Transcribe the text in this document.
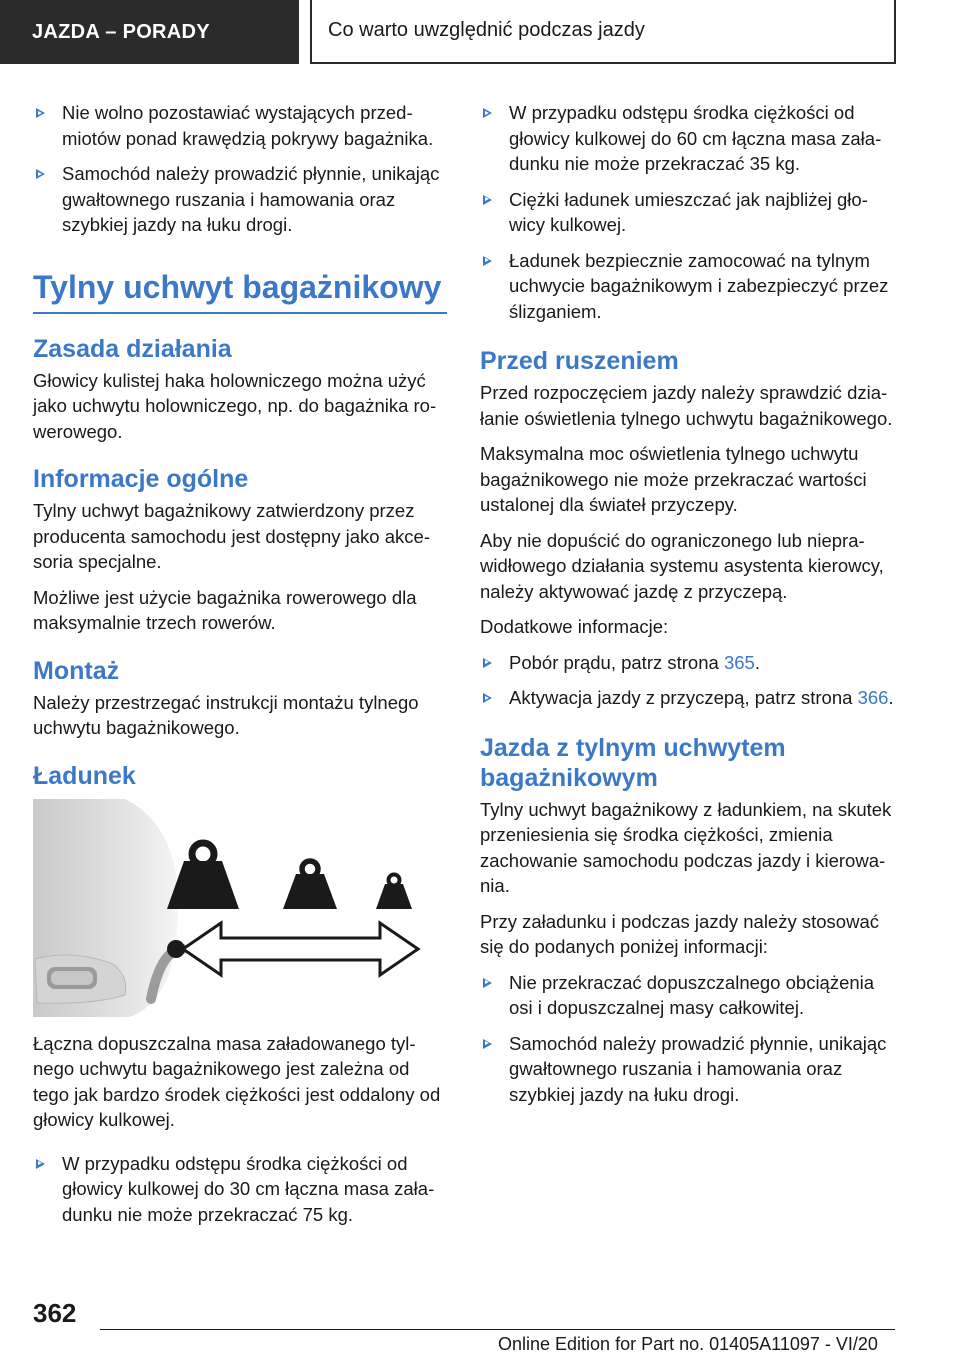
JAZDA – PORADY	Co warto uwzględnić podczas jazdy
Nie wolno pozostawiać wystających przedmiotów ponad krawędzią pokrywy bagażnika.
Samochód należy prowadzić płynnie, unikając gwałtownego ruszania i hamowania oraz szybkiej jazdy na łuku drogi.
Tylny uchwyt bagażnikowy
Zasada działania

Głowicy kulistej haka holowniczego można użyć jako uchwytu holowniczego, np. do bagażnika rowerowego.

Informacje ogólne

Tylny uchwyt bagażnikowy zatwierdzony przez producenta samochodu jest dostępny jako akcesoria specjalne.

Możliwe jest użycie bagażnika rowerowego dla maksymalnie trzech rowerów.

Montaż

Należy przestrzegać instrukcji montażu tylnego uchwytu bagażnikowego.

Ładunek

Łączna dopuszczalna masa załadowanego tylnego uchwytu bagażnikowego jest zależna od tego jak bardzo środek ciężkości jest oddalony od głowicy kulkowej.

W przypadku odstępu środka ciężkości od głowicy kulkowej do 30 cm łączna masa załadunku nie może przekraczać 75 kg.
W przypadku odstępu środka ciężkości od głowicy kulkowej do 60 cm łączna masa załadunku nie może przekraczać 35 kg.
Ciężki ładunek umieszczać jak najbliżej głowicy kulkowej.
Ładunek bezpiecznie zamocować na tylnym uchwycie bagażnikowym i zabezpieczyć przez ślizganiem.
Przed ruszeniem

Przed rozpoczęciem jazdy należy sprawdzić działanie oświetlenia tylnego uchwytu bagażnikowego.

Maksymalna moc oświetlenia tylnego uchwytu bagażnikowego nie może przekraczać wartości ustalonej dla świateł przyczepy.

Aby nie dopuścić do ograniczonego lub nieprawidłowego działania systemu asystenta kierowcy, należy aktywować jazdę z przyczepą.

Dodatkowe informacje:

Pobór prądu, patrz strona 365.
Aktywacja jazdy z przyczepą, patrz strona 366.
Jazda z tylnym uchwytem bagażnikowym

Tylny uchwyt bagażnikowy z ładunkiem, na skutek przeniesienia się środka ciężkości, zmienia zachowanie samochodu podczas jazdy i kierowania.

Przy załadunku i podczas jazdy należy stosować się do podanych poniżej informacji:

Nie przekraczać dopuszczalnego obciążenia osi i dopuszczalnej masy całkowitej.
Samochód należy prowadzić płynnie, unikając gwałtownego ruszania i hamowania oraz szybkiej jazdy na łuku drogi.
362
Online Edition for Part no. 01405A11097 - VI/20
